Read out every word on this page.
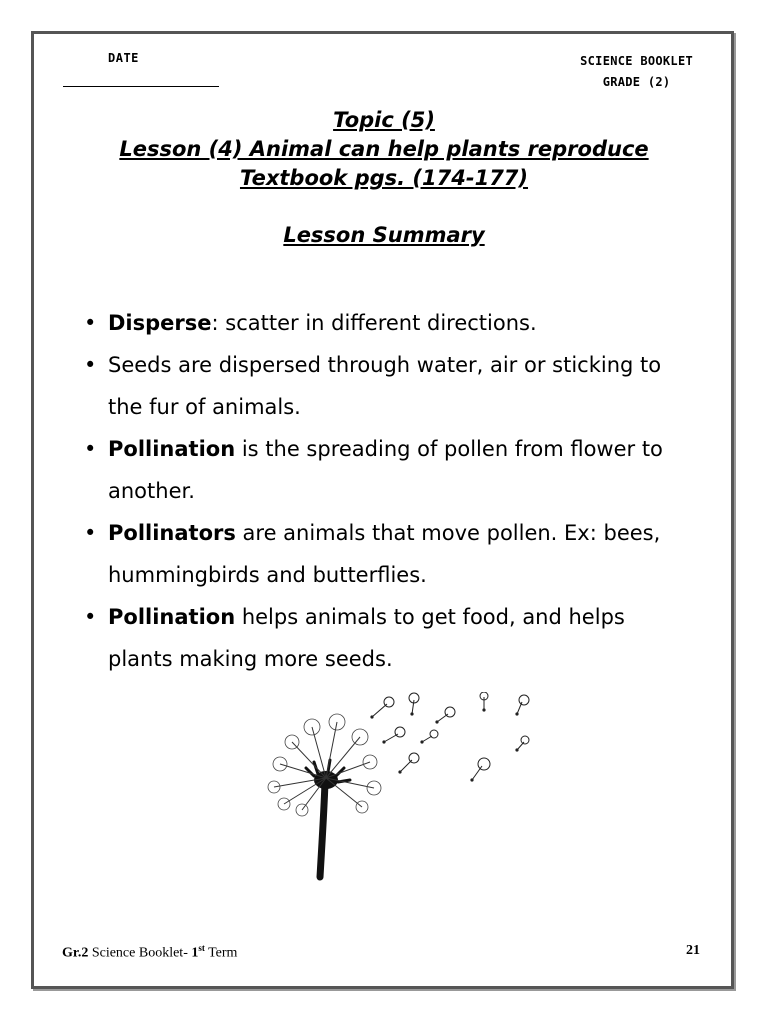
DATE	SCIENCE BOOKLET
GRADE (2)
Topic (5)
Lesson (4) Animal can help plants reproduce
Textbook pgs. (174-177)
Lesson Summary
• Disperse: scatter in different directions.
• Seeds are dispersed through water, air or sticking to the fur of animals.
• Pollination is the spreading of pollen from flower to another.
• Pollinators are animals that move pollen. Ex: bees, hummingbirds and butterflies.
• Pollination helps animals to get food, and helps plants making more seeds.
Gr.2 Science Booklet- 1st Term	21
